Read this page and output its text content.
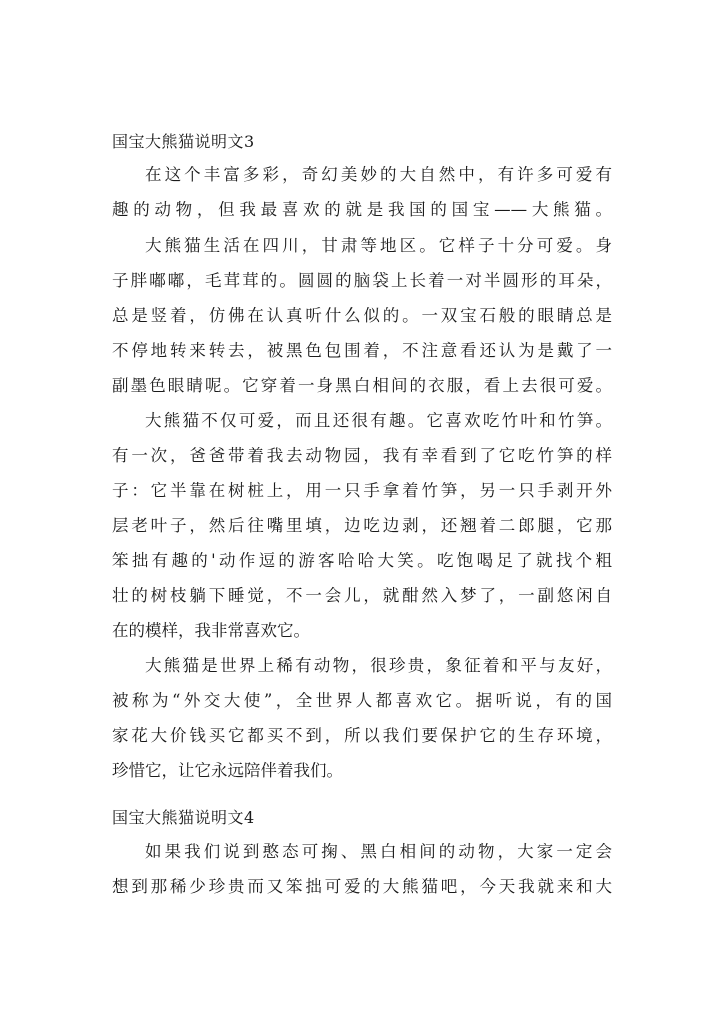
国宝大熊猫说明文3
在这个丰富多彩，奇幻美妙的大自然中，有许多可爱有
趣的动物，但我最喜欢的就是我国的国宝——大熊猫。
大熊猫生活在四川，甘肃等地区。它样子十分可爱。身
子胖嘟嘟，毛茸茸的。圆圆的脑袋上长着一对半圆形的耳朵，
总是竖着，仿佛在认真听什么似的。一双宝石般的眼睛总是
不停地转来转去，被黑色包围着，不注意看还认为是戴了一
副墨色眼睛呢。它穿着一身黑白相间的衣服，看上去很可爱。
大熊猫不仅可爱，而且还很有趣。它喜欢吃竹叶和竹笋。
有一次，爸爸带着我去动物园，我有幸看到了它吃竹笋的样
子：它半靠在树桩上，用一只手拿着竹笋，另一只手剥开外
层老叶子，然后往嘴里填，边吃边剥，还翘着二郎腿，它那
笨拙有趣的'动作逗的游客哈哈大笑。吃饱喝足了就找个粗
壮的树枝躺下睡觉，不一会儿，就酣然入梦了，一副悠闲自
在的模样，我非常喜欢它。
大熊猫是世界上稀有动物，很珍贵，象征着和平与友好，
被称为“外交大使”，全世界人都喜欢它。据听说，有的国
家花大价钱买它都买不到，所以我们要保护它的生存环境，
珍惜它，让它永远陪伴着我们。
国宝大熊猫说明文4
如果我们说到憨态可掬、黑白相间的动物，大家一定会
想到那稀少珍贵而又笨拙可爱的大熊猫吧，今天我就来和大
